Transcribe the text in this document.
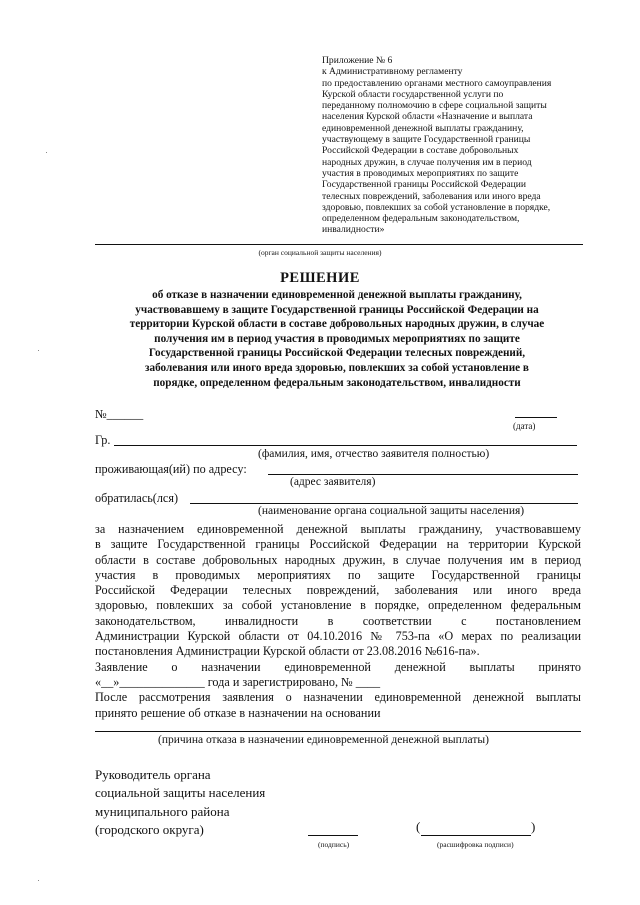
Приложение № 6
к Административному регламенту
по предоставлению органами местного самоуправления
Курской области государственной услуги по
переданному полномочию в сфере социальной защиты
населения Курской области «Назначение и выплата
единовременной денежной выплаты гражданину,
участвующему в защите Государственной границы
Российской Федерации в составе добровольных
народных дружин, в случае получения им в период
участия в проводимых мероприятиях по защите
Государственной границы Российской Федерации
телесных повреждений, заболевания или иного вреда
здоровью, повлекших за собой установление в порядке,
определенном федеральным законодательством,
инвалидности»
(орган социальной защиты населения)
РЕШЕНИЕ
об отказе в назначении единовременной денежной выплаты гражданину,
участвовавшему в защите Государственной границы Российской Федерации на
территории Курской области в составе добровольных народных дружин, в случае
получения им в период участия в проводимых мероприятиях по защите
Государственной границы Российской Федерации телесных повреждений,
заболевания или иного вреда здоровью, повлекших за собой установление в
порядке, определенном федеральным законодательством, инвалидности
№______
(дата)
Гр.
(фамилия, имя, отчество заявителя полностью)
проживающая(ий) по адресу:
(адрес заявителя)
обратилась(лся)
(наименование органа социальной защиты населения)
за назначением единовременной денежной выплаты гражданину, участвовавшему
в защите Государственной границы Российской Федерации на территории Курской
области в составе добровольных народных дружин, в случае получения им в период
участия в проводимых мероприятиях по защите Государственной границы
Российской Федерации телесных повреждений, заболевания или иного вреда
здоровью, повлекших за собой установление в порядке, определенном федеральным
законодательством, инвалидности в соответствии с постановлением
Администрации Курской области от 04.10.2016 № 753-па «О мерах по реализации
постановления Администрации Курской области от 23.08.2016 №616-па».
Заявление о назначении единовременной денежной выплаты принято
«__»______________ года и зарегистрировано, № ____
После рассмотрения заявления о назначении единовременной денежной выплаты
принято решение об отказе в назначении на основании
(причина отказа в назначении единовременной денежной выплаты)
Руководитель органа
социальной защиты населения
муниципального района
(городского округа)
(подпись)
(	)
(расшифровка подписи)
